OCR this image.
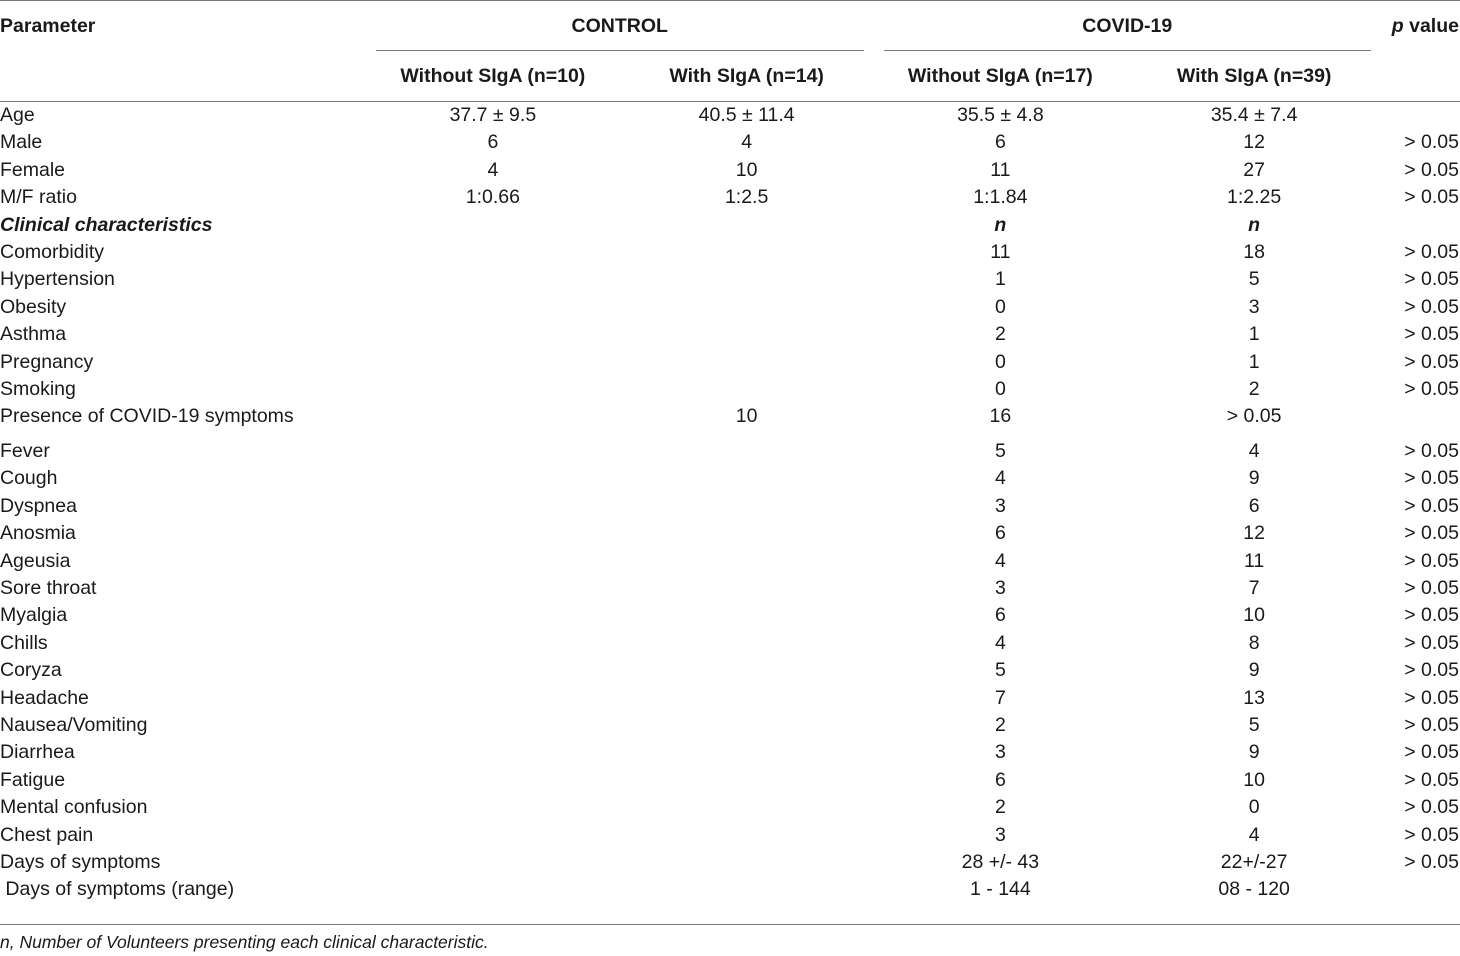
Parameter	CONTROL		COVID-19		p value
	Without SIgA (n=10)	With SIgA (n=14)	Without SIgA (n=17)	With SIgA (n=39)	
Age	37.7 ± 9.5	40.5 ± 11.4	35.5 ± 4.8	35.4 ± 7.4	
Male	6	4	6	12	> 0.05
Female	4	10	11	27	> 0.05
M/F ratio	1:0.66	1:2.5	1:1.84	1:2.25	> 0.05
Clinical characteristics			n	n	
Comorbidity			11	18	> 0.05
Hypertension			1	5	> 0.05
Obesity			0	3	> 0.05
Asthma			2	1	> 0.05
Pregnancy			0	1	> 0.05
Smoking			0	2	> 0.05
Presence of COVID-19 symptoms		10	16	> 0.05	

Fever			5	4	> 0.05
Cough			4	9	> 0.05
Dyspnea			3	6	> 0.05
Anosmia			6	12	> 0.05
Ageusia			4	11	> 0.05
Sore throat			3	7	> 0.05
Myalgia			6	10	> 0.05
Chills			4	8	> 0.05
Coryza			5	9	> 0.05
Headache			7	13	> 0.05
Nausea/Vomiting			2	5	> 0.05
Diarrhea			3	9	> 0.05
Fatigue			6	10	> 0.05
Mental confusion			2	0	> 0.05
Chest pain			3	4	> 0.05
Days of symptoms			28 +/- 43	22+/-27	> 0.05
Days of symptoms (range)			1 - 144	08 - 120	
n, Number of Volunteers presenting each clinical characteristic.
